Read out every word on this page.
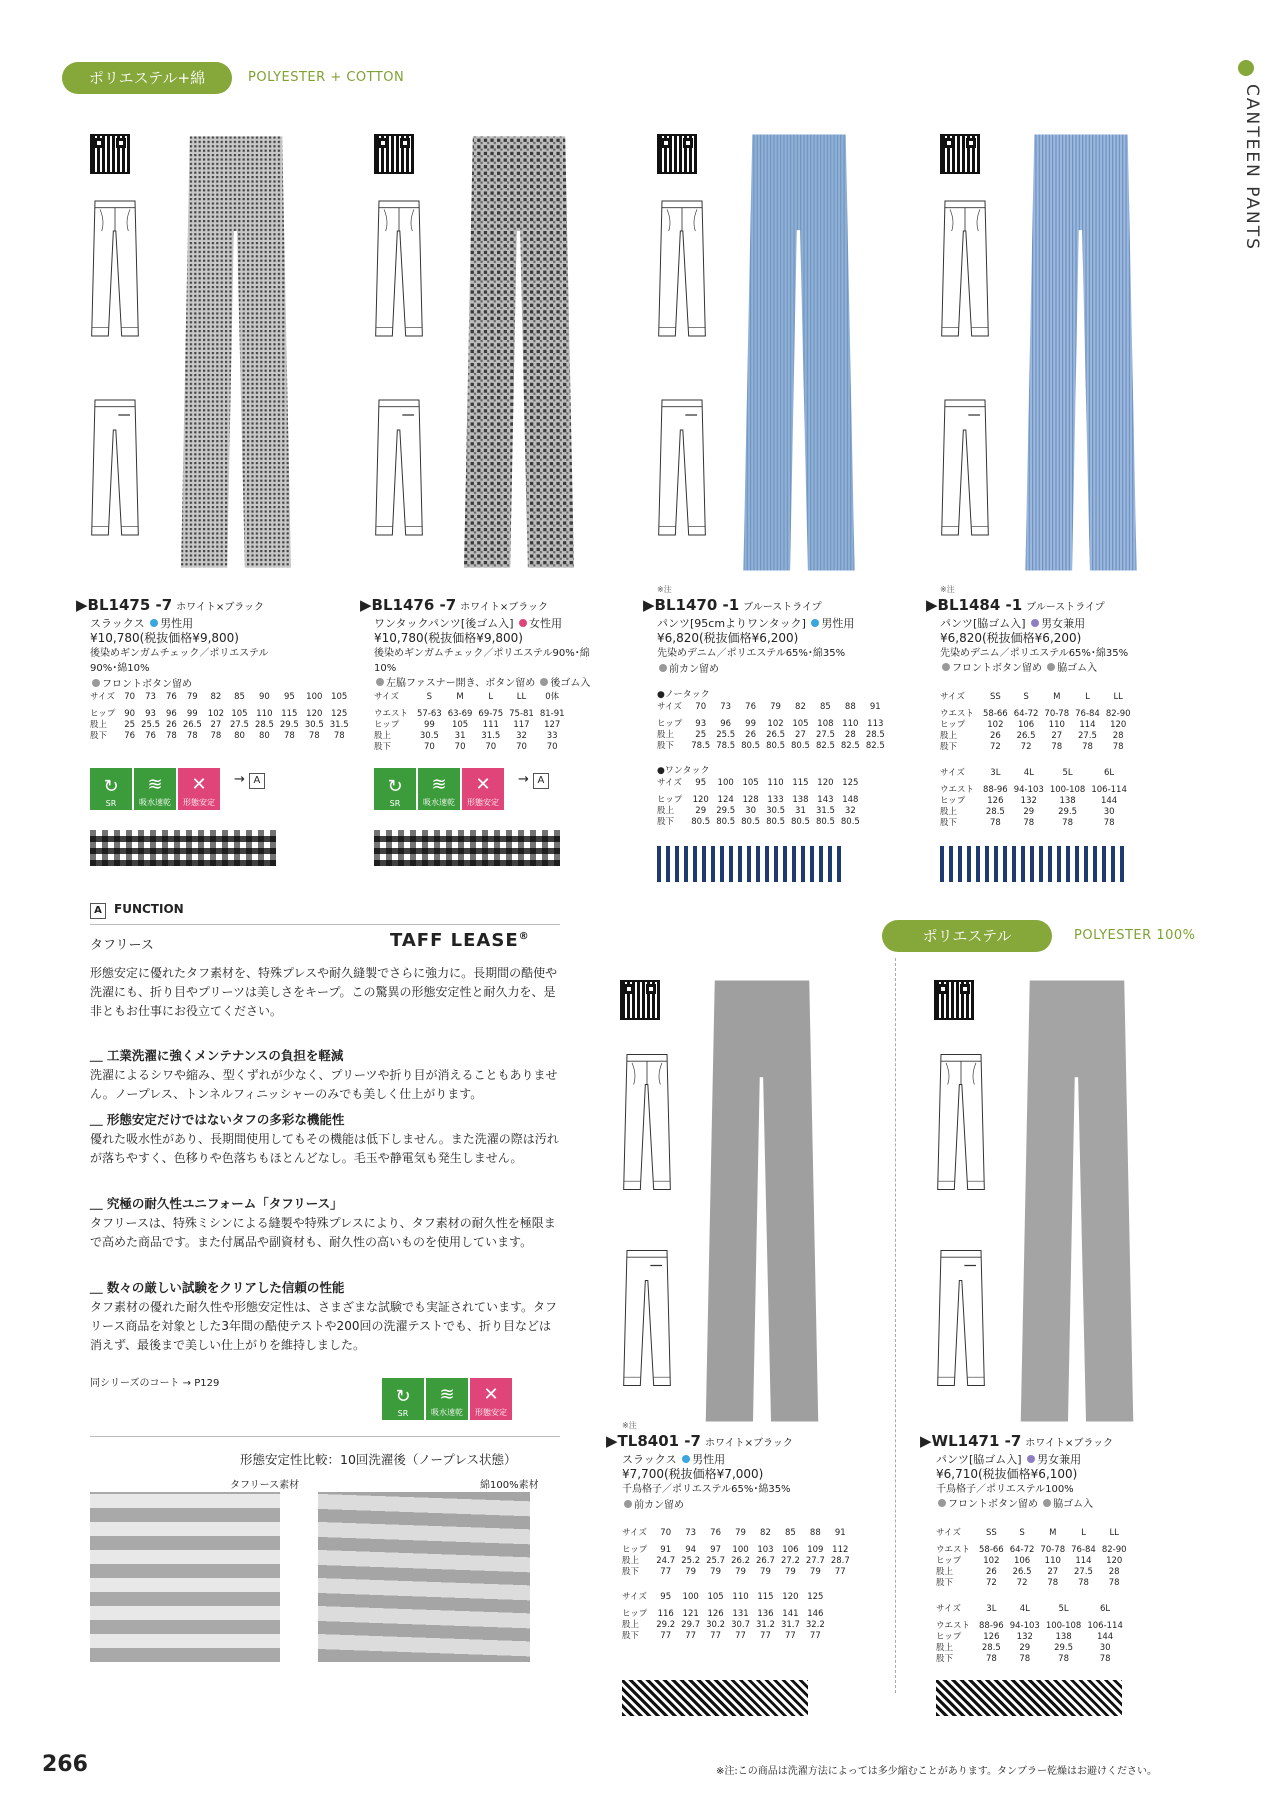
ポリエステル+綿	POLYESTER + COTTON
CANTEEN PANTS
▶BL1475 -7 ホワイト×ブラック
スラックス 男性用
¥10,780(税抜価格¥9,800)
後染めギンガムチェック／ポリエステル90%･綿10%
フロントボタン留め
サイズ	70	73	76	79	82	85	90	95	100	105

ヒップ	90	93	96	99	102	105	110	115	120	125
股上	25	25.5	26	26.5	27	27.5	28.5	29.5	30.5	31.5
股下	76	76	78	78	78	80	80	78	78	78
↻
SR
≋
吸水速乾
✕
形態安定
→ A
▶BL1476 -7 ホワイト×ブラック
ワンタックパンツ[後ゴム入] 女性用
¥10,780(税抜価格¥9,800)
後染めギンガムチェック／ポリエステル90%･綿10%
左脇ファスナー開き、ボタン留め 後ゴム入
サイズ	S	M	L	LL	0体

ウエスト	57-63	63-69	69-75	75-81	81-91
ヒップ	99	105	111	117	127
股上	30.5	31	31.5	32	33
股下	70	70	70	70	70
↻
SR
≋
吸水速乾
✕
形態安定
→ A
※注
▶BL1470 -1 ブルーストライプ
パンツ[95cmよりワンタック] 男性用
¥6,820(税抜価格¥6,200)
先染めデニム／ポリエステル65%･綿35%
前カン留め
●ノータック
サイズ	70	73	76	79	82	85	88	91

ヒップ	93	96	99	102	105	108	110	113
股上	25	25.5	26	26.5	27	27.5	28	28.5
股下	78.5	78.5	80.5	80.5	80.5	82.5	82.5	82.5
●ワンタック
サイズ	95	100	105	110	115	120	125

ヒップ	120	124	128	133	138	143	148
股上	29	29.5	30	30.5	31	31.5	32
股下	80.5	80.5	80.5	80.5	80.5	80.5	80.5
※注
▶BL1484 -1 ブルーストライプ
パンツ[脇ゴム入] 男女兼用
¥6,820(税抜価格¥6,200)
先染めデニム／ポリエステル65%･綿35%
フロントボタン留め 脇ゴム入
サイズ	SS	S	M	L	LL

ウエスト	58-66	64-72	70-78	76-84	82-90
ヒップ	102	106	110	114	120
股上	26	26.5	27	27.5	28
股下	72	72	78	78	78
サイズ	3L	4L	5L	6L

ウエスト	88-96	94-103	100-108	106-114
ヒップ	126	132	138	144
股上	28.5	29	29.5	30
股下	78	78	78	78
A FUNCTION
タフリース	TAFF LEASE®
形態安定に優れたタフ素材を、特殊プレスや耐久縫製でさらに強力に。長期間の酷使や洗濯にも、折り目やプリーツは美しさをキープ。この驚異の形態安定性と耐久力を、是非ともお仕事にお役立てください。
＿ 工業洗濯に強くメンテナンスの負担を軽減
洗濯によるシワや縮み、型くずれが少なく、プリーツや折り目が消えることもありません。ノープレス、トンネルフィニッシャーのみでも美しく仕上がります。
＿ 形態安定だけではないタフの多彩な機能性
優れた吸水性があり、長期間使用してもその機能は低下しません。また洗濯の際は汚れが落ちやすく、色移りや色落ちもほとんどなし。毛玉や静電気も発生しません。
＿ 究極の耐久性ユニフォーム「タフリース」
タフリースは、特殊ミシンによる縫製や特殊プレスにより、タフ素材の耐久性を極限まで高めた商品です。また付属品や副資材も、耐久性の高いものを使用しています。
＿ 数々の厳しい試験をクリアした信頼の性能
タフ素材の優れた耐久性や形態安定性は、さまざまな試験でも実証されています。タフリース商品を対象とした3年間の酷使テストや200回の洗濯テストでも、折り目などは消えず、最後まで美しい仕上がりを維持しました。
同シリーズのコート → P129
↻
SR
≋
吸水速乾
✕
形態安定
形態安定性比較：10回洗濯後（ノープレス状態）
タフリース素材	綿100%素材
ポリエステル100%
POLYESTER 100%
※注
▶TL8401 -7 ホワイト×ブラック
スラックス 男性用
¥7,700(税抜価格¥7,000)
千鳥格子／ポリエステル65%･綿35%
前カン留め
サイズ	70	73	76	79	82	85	88	91

ヒップ	91	94	97	100	103	106	109	112
股上	24.7	25.2	25.7	26.2	26.7	27.2	27.7	28.7
股下	77	79	79	79	79	79	79	77
サイズ	95	100	105	110	115	120	125

ヒップ	116	121	126	131	136	141	146
股上	29.2	29.7	30.2	30.7	31.2	31.7	32.2
股下	77	77	77	77	77	77	77
▶WL1471 -7 ホワイト×ブラック
パンツ[脇ゴム入] 男女兼用
¥6,710(税抜価格¥6,100)
千鳥格子／ポリエステル100%
フロントボタン留め 脇ゴム入
サイズ	SS	S	M	L	LL

ウエスト	58-66	64-72	70-78	76-84	82-90
ヒップ	102	106	110	114	120
股上	26	26.5	27	27.5	28
股下	72	72	78	78	78
サイズ	3L	4L	5L	6L

ウエスト	88-96	94-103	100-108	106-114
ヒップ	126	132	138	144
股上	28.5	29	29.5	30
股下	78	78	78	78
266	※注:この商品は洗濯方法によっては多少縮むことがあります。タンブラー乾燥はお避けください。
